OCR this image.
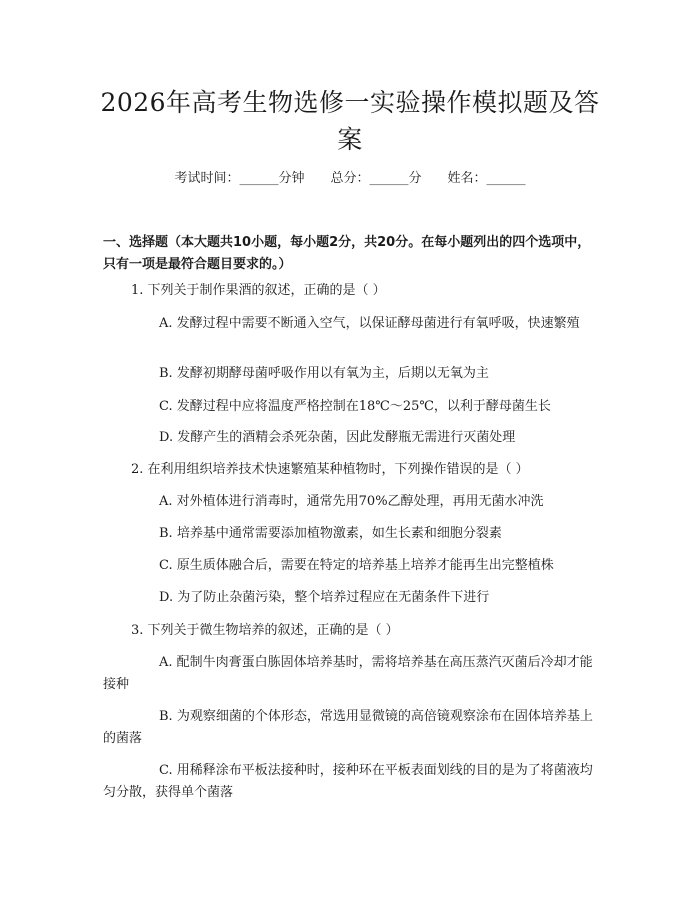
2026年高考生物选修一实验操作模拟题及答案
考试时间：______分钟　　总分：______分　　姓名：______
一、选择题（本大题共10小题，每小题2分，共20分。在每小题列出的四个选项中，只有一项是最符合题目要求的。）
1. 下列关于制作果酒的叙述，正确的是（ ）
A. 发酵过程中需要不断通入空气，以保证酵母菌进行有氧呼吸，快速繁殖
B. 发酵初期酵母菌呼吸作用以有氧为主，后期以无氧为主
C. 发酵过程中应将温度严格控制在18℃～25℃，以利于酵母菌生长
D. 发酵产生的酒精会杀死杂菌，因此发酵瓶无需进行灭菌处理
2. 在利用组织培养技术快速繁殖某种植物时，下列操作错误的是（ ）
A. 对外植体进行消毒时，通常先用70%乙醇处理，再用无菌水冲洗
B. 培养基中通常需要添加植物激素，如生长素和细胞分裂素
C. 原生质体融合后，需要在特定的培养基上培养才能再生出完整植株
D. 为了防止杂菌污染，整个培养过程应在无菌条件下进行
3. 下列关于微生物培养的叙述，正确的是（ ）
A. 配制牛肉膏蛋白胨固体培养基时，需将培养基在高压蒸汽灭菌后冷却才能接种
B. 为观察细菌的个体形态，常选用显微镜的高倍镜观察涂布在固体培养基上的菌落
C. 用稀释涂布平板法接种时，接种环在平板表面划线的目的是为了将菌液均匀分散，获得单个菌落
